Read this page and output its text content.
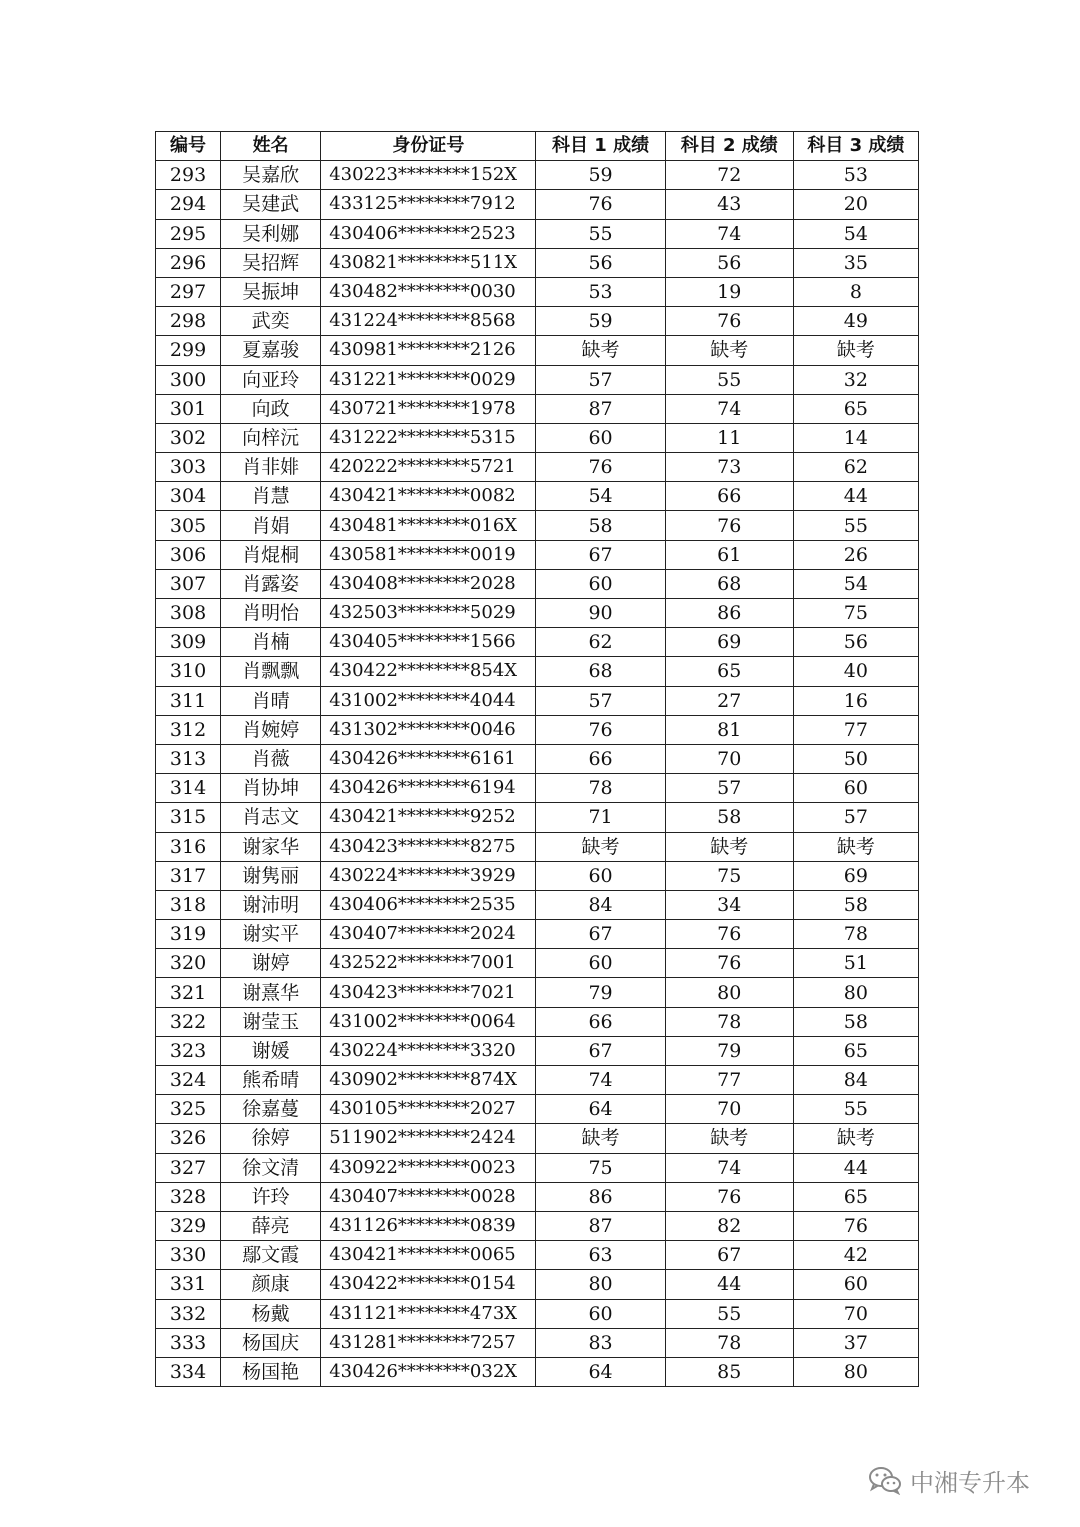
编号	姓名	身份证号	科目 1 成绩	科目 2 成绩	科目 3 成绩
293	吴嘉欣	430223********152X	59	72	53
294	吴建武	433125********7912	76	43	20
295	吴利娜	430406********2523	55	74	54
296	吴招辉	430821********511X	56	56	35
297	吴振坤	430482********0030	53	19	8
298	武奕	431224********8568	59	76	49
299	夏嘉骏	430981********2126	缺考	缺考	缺考
300	向亚玲	431221********0029	57	55	32
301	向政	430721********1978	87	74	65
302	向梓沅	431222********5315	60	11	14
303	肖非婔	420222********5721	76	73	62
304	肖慧	430421********0082	54	66	44
305	肖娟	430481********016X	58	76	55
306	肖焜桐	430581********0019	67	61	26
307	肖露姿	430408********2028	60	68	54
308	肖明怡	432503********5029	90	86	75
309	肖楠	430405********1566	62	69	56
310	肖飘飘	430422********854X	68	65	40
311	肖晴	431002********4044	57	27	16
312	肖婉婷	431302********0046	76	81	77
313	肖薇	430426********6161	66	70	50
314	肖协坤	430426********6194	78	57	60
315	肖志文	430421********9252	71	58	57
316	谢家华	430423********8275	缺考	缺考	缺考
317	谢隽丽	430224********3929	60	75	69
318	谢沛明	430406********2535	84	34	58
319	谢实平	430407********2024	67	76	78
320	谢婷	432522********7001	60	76	51
321	谢熹华	430423********7021	79	80	80
322	谢莹玉	431002********0064	66	78	58
323	谢媛	430224********3320	67	79	65
324	熊希晴	430902********874X	74	77	84
325	徐嘉蔓	430105********2027	64	70	55
326	徐婷	511902********2424	缺考	缺考	缺考
327	徐文清	430922********0023	75	74	44
328	许玲	430407********0028	86	76	65
329	薛亮	431126********0839	87	82	76
330	鄢文霞	430421********0065	63	67	42
331	颜康	430422********0154	80	44	60
332	杨戴	431121********473X	60	55	70
333	杨国庆	431281********7257	83	78	37
334	杨国艳	430426********032X	64	85	80
中湘专升本
